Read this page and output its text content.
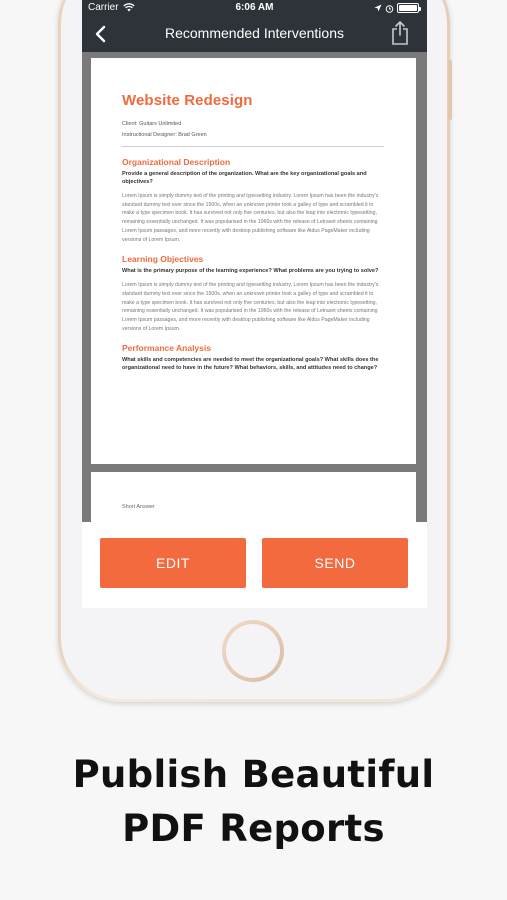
Carrier	6:06 AM
Recommended Interventions
Website Redesign
Client: Guitars Unlimited
Instructional Designer: Brad Green
Organizational Description
Provide a general description of the organization. What are the key organizational goals and objectives?
Lorem Ipsum is simply dummy text of the printing and typesetting industry. Lorem Ipsum has been the industry's standard dummy text ever since the 1500s, when an unknown printer took a galley of type and scrambled it to make a type specimen book. It has survived not only five centuries, but also the leap into electronic typesetting, remaining essentially unchanged. It was popularised in the 1960s with the release of Letraset sheets containing Lorem Ipsum passages, and more recently with desktop publishing software like Aldus PageMaker including versions of Lorem Ipsum.
Learning Objectives
What is the primary purpose of the learning experience? What problems are you trying to solve?
Lorem Ipsum is simply dummy text of the printing and typesetting industry. Lorem Ipsum has been the industry's standard dummy text ever since the 1500s, when an unknown printer took a galley of type and scrambled it to make a type specimen book. It has survived not only five centuries, but also the leap into electronic typesetting, remaining essentially unchanged. It was popularised in the 1960s with the release of Letraset sheets containing Lorem Ipsum passages, and more recently with desktop publishing software like Aldus PageMaker including versions of Lorem Ipsum.
Performance Analysis
What skills and competencies are needed to meet the organizational goals? What skills does the organizational need to have in the future? What behaviors, skills, and attitudes need to change?
Short Answer
EDIT	SEND
Publish Beautiful
PDF Reports
